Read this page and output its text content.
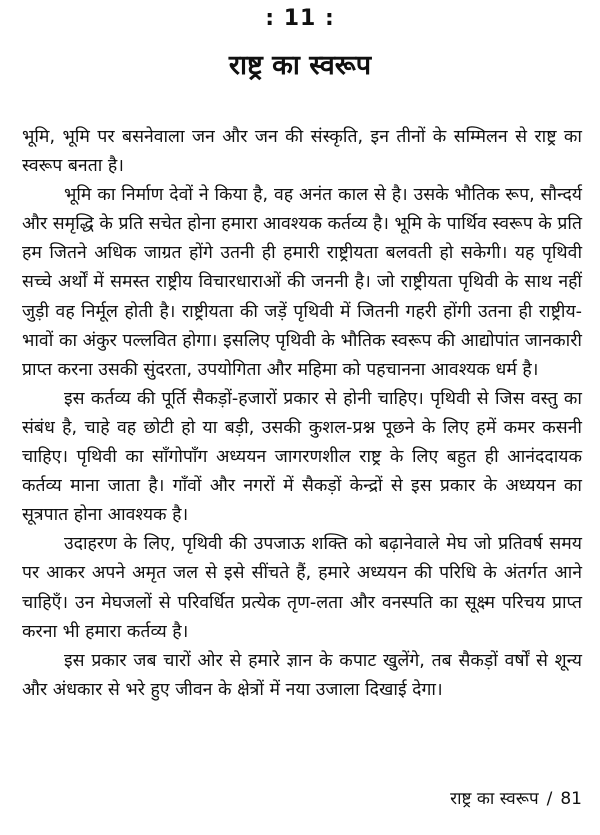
: 11 :
राष्ट्र का स्वरूप

भूमि, भूमि पर बसनेवाला जन और जन की संस्कृति, इन तीनों के सम्मिलन से राष्ट्र का स्वरूप बनता है।

भूमि का निर्माण देवों ने किया है, वह अनंत काल से है। उसके भौतिक रूप, सौन्दर्य और समृद्धि के प्रति सचेत होना हमारा आवश्यक कर्तव्य है। भूमि के पार्थिव स्वरूप के प्रति हम जितने अधिक जाग्रत होंगे उतनी ही हमारी राष्ट्रीयता बलवती हो सकेगी। यह पृथिवी सच्चे अर्थों में समस्त राष्ट्रीय विचारधाराओं की जननी है। जो राष्ट्रीयता पृथिवी के साथ नहीं जुड़ी वह निर्मूल होती है। राष्ट्रीयता की जड़ें पृथिवी में जितनी गहरी होंगी उतना ही राष्ट्रीय-भावों का अंकुर पल्लवित होगा। इसलिए पृथिवी के भौतिक स्वरूप की आद्योपांत जानकारी प्राप्त करना उसकी सुंदरता, उपयोगिता और महिमा को पहचानना आवश्यक धर्म है।

इस कर्तव्य की पूर्ति सैकड़ों-हजारों प्रकार से होनी चाहिए। पृथिवी से जिस वस्तु का संबंध है, चाहे वह छोटी हो या बड़ी, उसकी कुशल-प्रश्न पूछने के लिए हमें कमर कसनी चाहिए। पृथिवी का साँगोपाँग अध्ययन जागरणशील राष्ट्र के लिए बहुत ही आनंददायक कर्तव्य माना जाता है। गाँवों और नगरों में सैकड़ों केन्द्रों से इस प्रकार के अध्ययन का सूत्रपात होना आवश्यक है।

उदाहरण के लिए, पृथिवी की उपजाऊ शक्ति को बढ़ानेवाले मेघ जो प्रतिवर्ष समय पर आकर अपने अमृत जल से इसे सींचते हैं, हमारे अध्ययन की परिधि के अंतर्गत आने चाहिएँ। उन मेघजलों से परिवर्धित प्रत्येक तृण-लता और वनस्पति का सूक्ष्म परिचय प्राप्त करना भी हमारा कर्तव्य है।

इस प्रकार जब चारों ओर से हमारे ज्ञान के कपाट खुलेंगे, तब सैकड़ों वर्षों से शून्य और अंधकार से भरे हुए जीवन के क्षेत्रों में नया उजाला दिखाई देगा।

राष्ट्र का स्वरूप / 81
